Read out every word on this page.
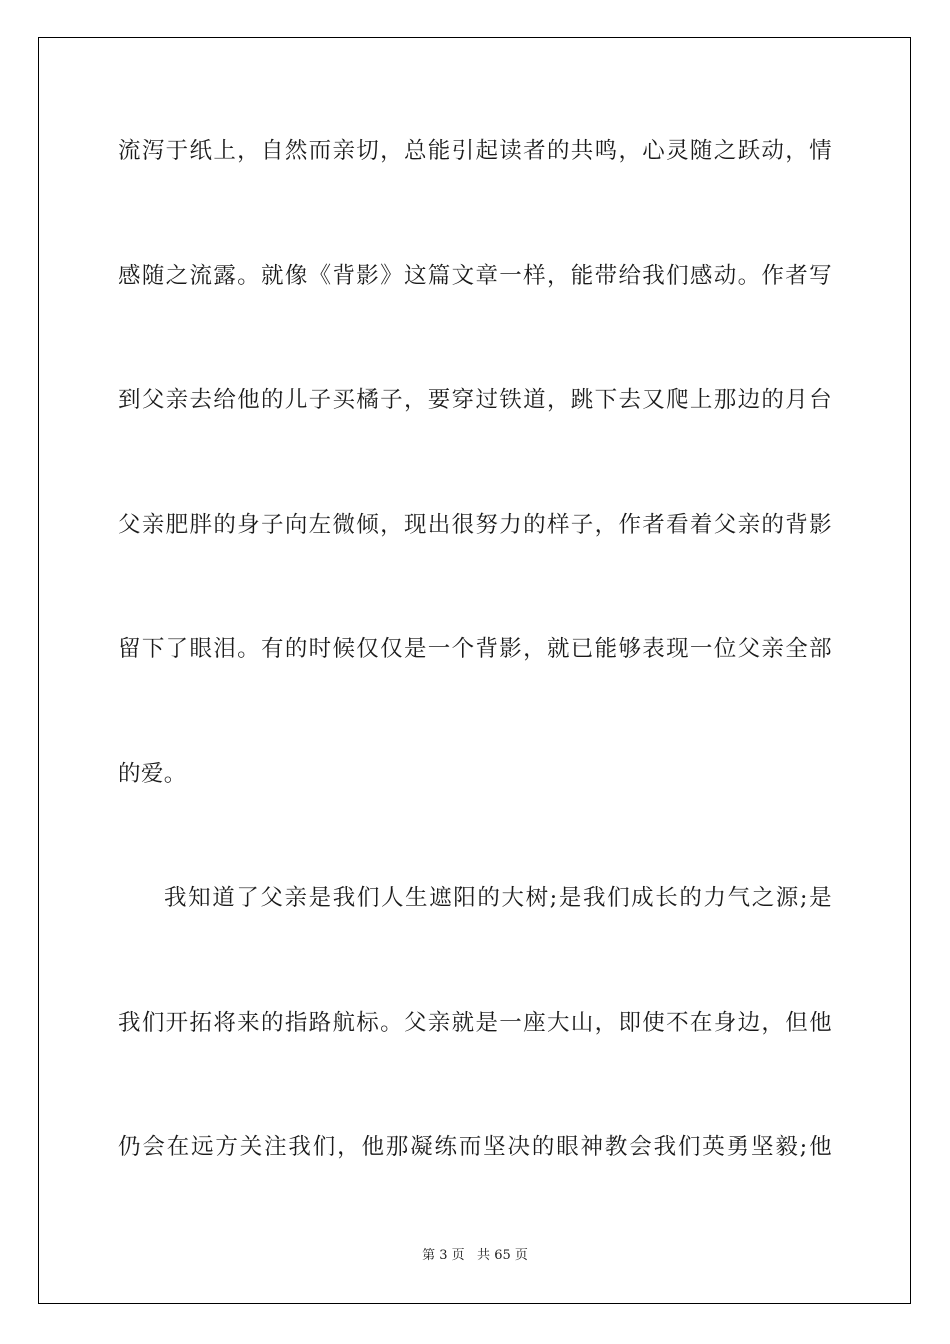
流泻于纸上，自然而亲切，总能引起读者的共鸣，心灵随之跃动，情
感随之流露。就像《背影》这篇文章一样，能带给我们感动。作者写
到父亲去给他的儿子买橘子，要穿过铁道，跳下去又爬上那边的月台
父亲肥胖的身子向左微倾，现出很努力的样子，作者看着父亲的背影
留下了眼泪。有的时候仅仅是一个背影，就已能够表现一位父亲全部
的爱。
我知道了父亲是我们人生遮阳的大树;是我们成长的力气之源;是
我们开拓将来的指路航标。父亲就是一座大山，即使不在身边，但他
仍会在远方关注我们，他那凝练而坚决的眼神教会我们英勇坚毅;他
第 3 页   共 65 页
